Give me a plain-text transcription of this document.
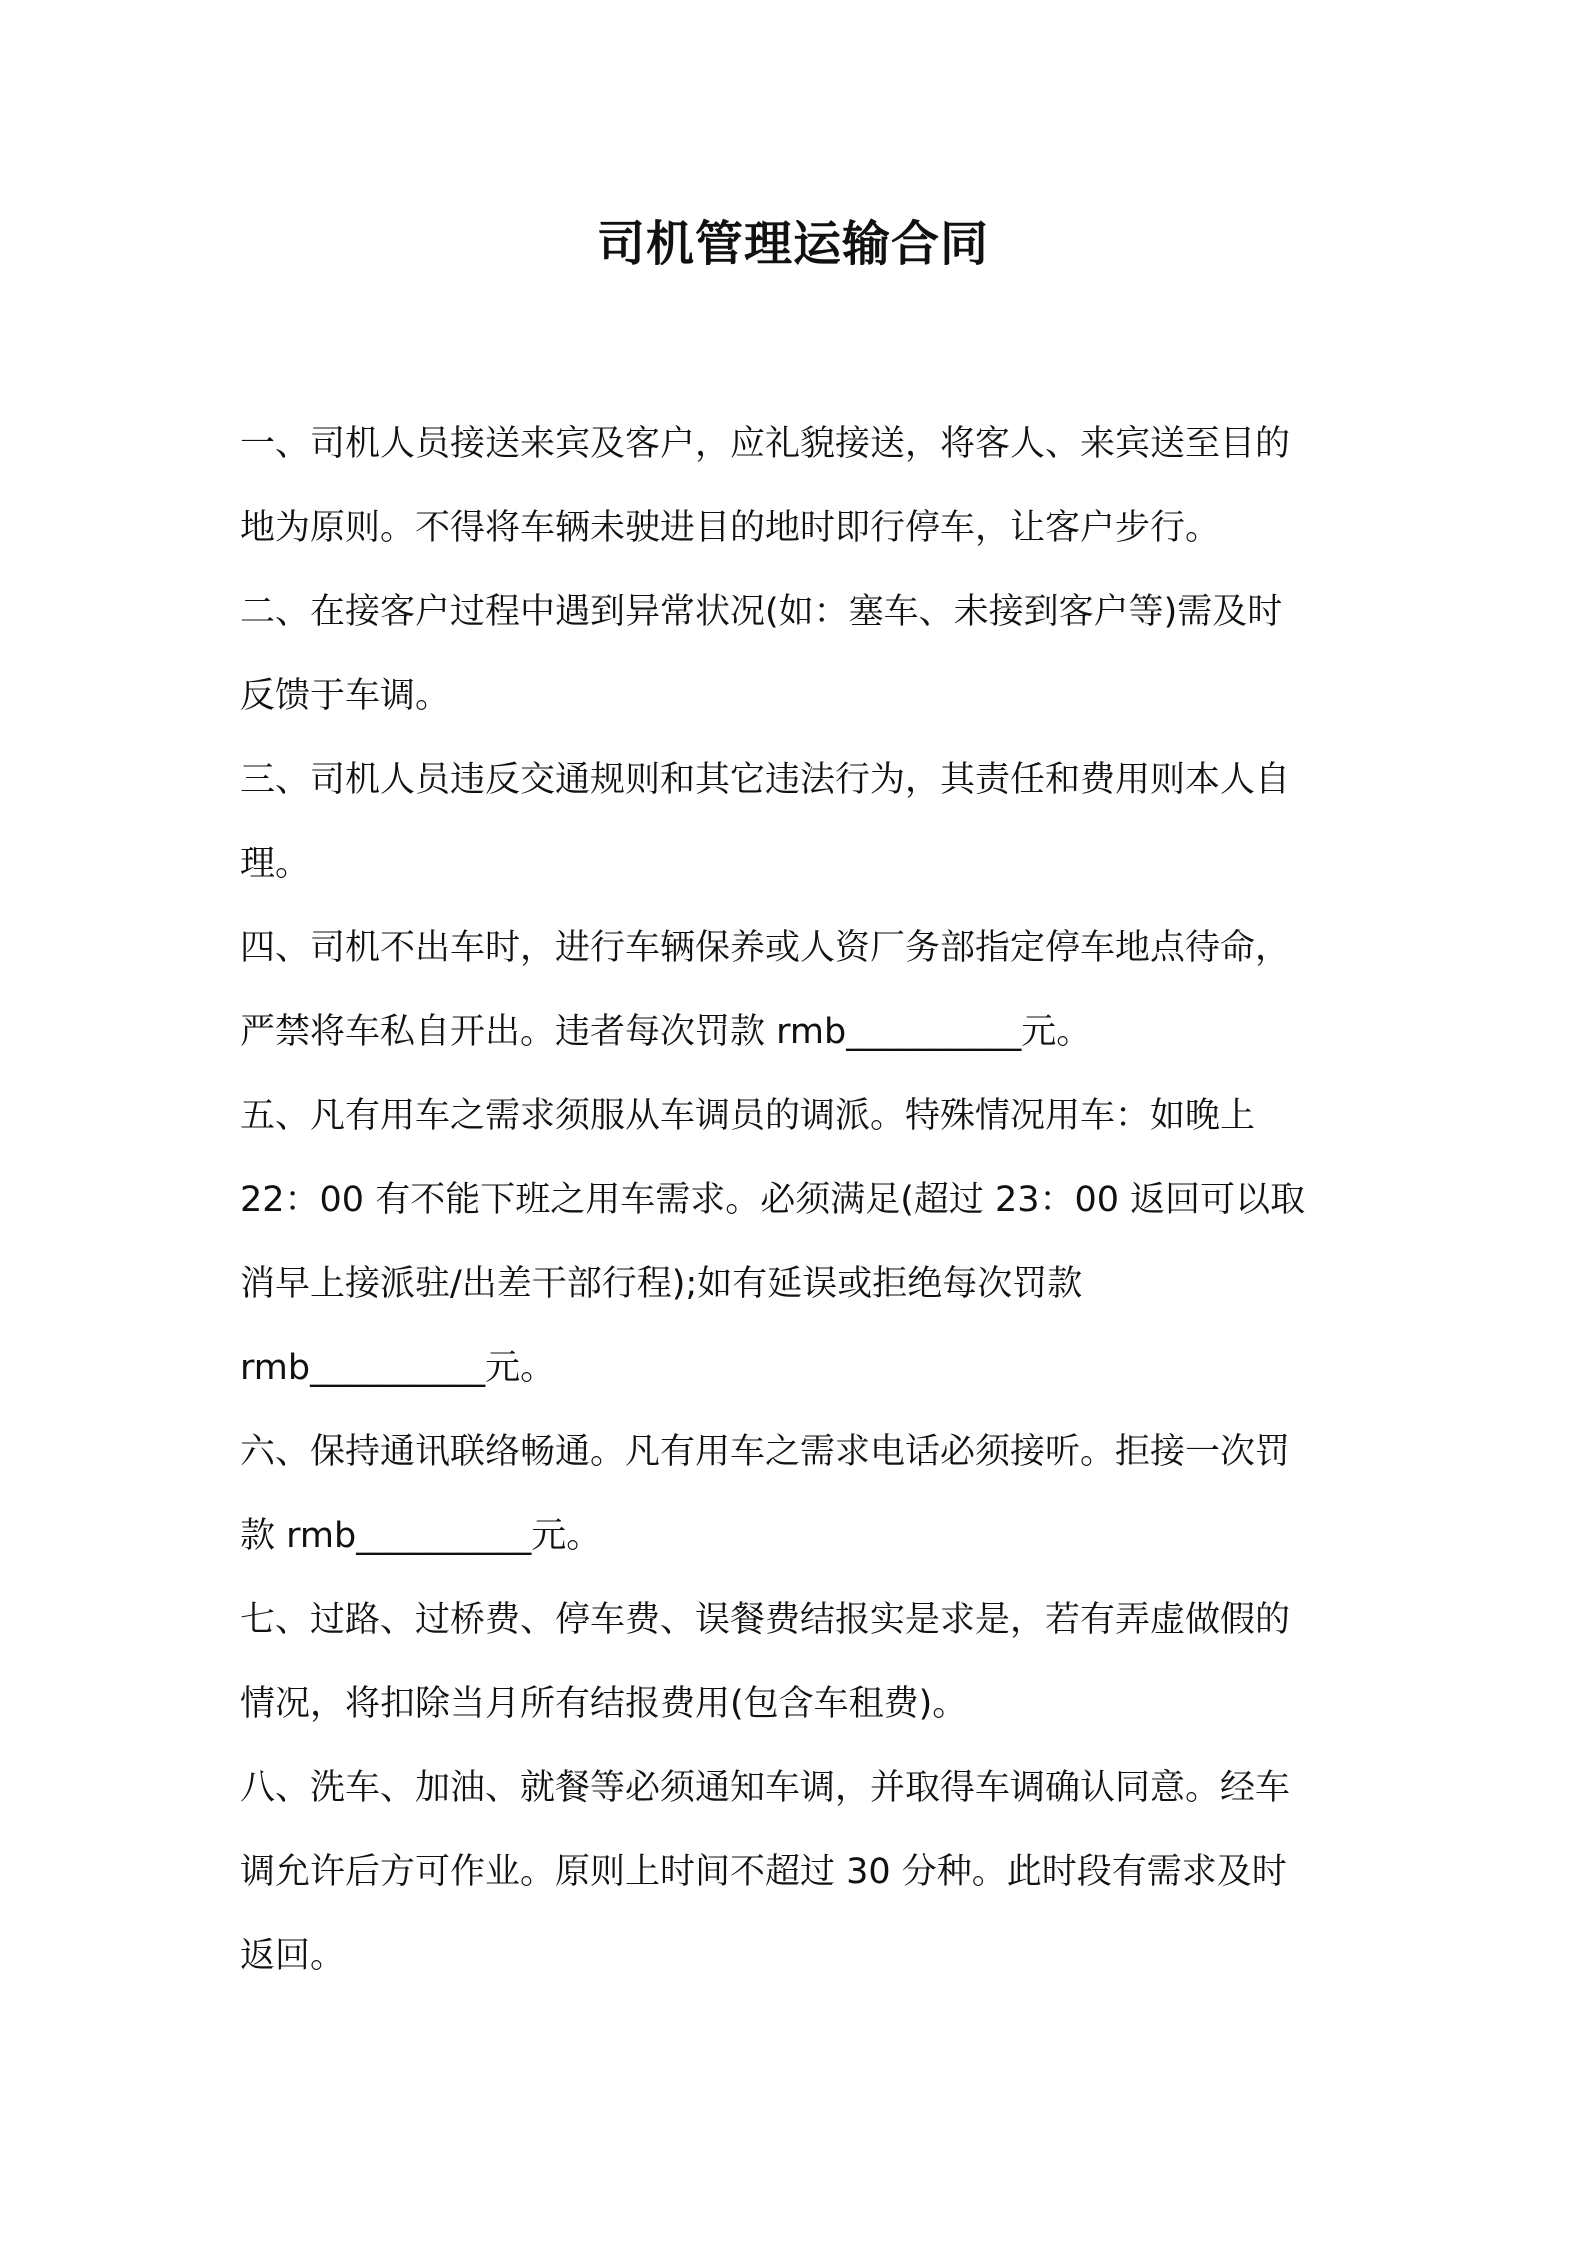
司机管理运输合同

一、司机人员接送来宾及客户，应礼貌接送，将客人、来宾送至目的

地为原则。不得将车辆未驶进目的地时即行停车，让客户步行。

二、在接客户过程中遇到异常状况(如：塞车、未接到客户等)需及时

反馈于车调。

三、司机人员违反交通规则和其它违法行为，其责任和费用则本人自

理。

四、司机不出车时，进行车辆保养或人资厂务部指定停车地点待命，

严禁将车私自开出。违者每次罚款 rmb__________元。

五、凡有用车之需求须服从车调员的调派。特殊情况用车：如晚上

22：00 有不能下班之用车需求。必须满足(超过 23：00 返回可以取

消早上接派驻/出差干部行程);如有延误或拒绝每次罚款

rmb__________元。

六、保持通讯联络畅通。凡有用车之需求电话必须接听。拒接一次罚

款 rmb__________元。

七、过路、过桥费、停车费、误餐费结报实是求是，若有弄虚做假的

情况，将扣除当月所有结报费用(包含车租费)。

八、洗车、加油、就餐等必须通知车调，并取得车调确认同意。经车

调允许后方可作业。原则上时间不超过 30 分种。此时段有需求及时

返回。
